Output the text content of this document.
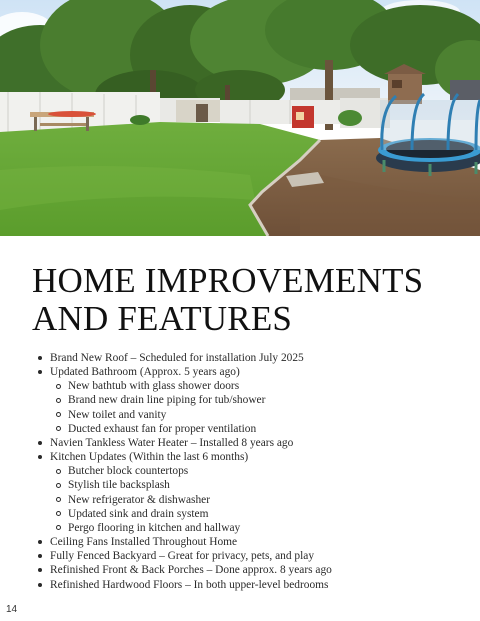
HOME IMPROVEMENTS
AND FEATURES
Brand New Roof – Scheduled for installation July 2025
Updated Bathroom (Approx. 5 years ago)
New bathtub with glass shower doors
Brand new drain line piping for tub/shower
New toilet and vanity
Ducted exhaust fan for proper ventilation
Navien Tankless Water Heater – Installed 8 years ago
Kitchen Updates (Within the last 6 months)
Butcher block countertops
Stylish tile backsplash
New refrigerator & dishwasher
Updated sink and drain system
Pergo flooring in kitchen and hallway
Ceiling Fans Installed Throughout Home
Fully Fenced Backyard – Great for privacy, pets, and play
Refinished Front & Back Porches – Done approx. 8 years ago
Refinished Hardwood Floors – In both upper-level bedrooms
14
